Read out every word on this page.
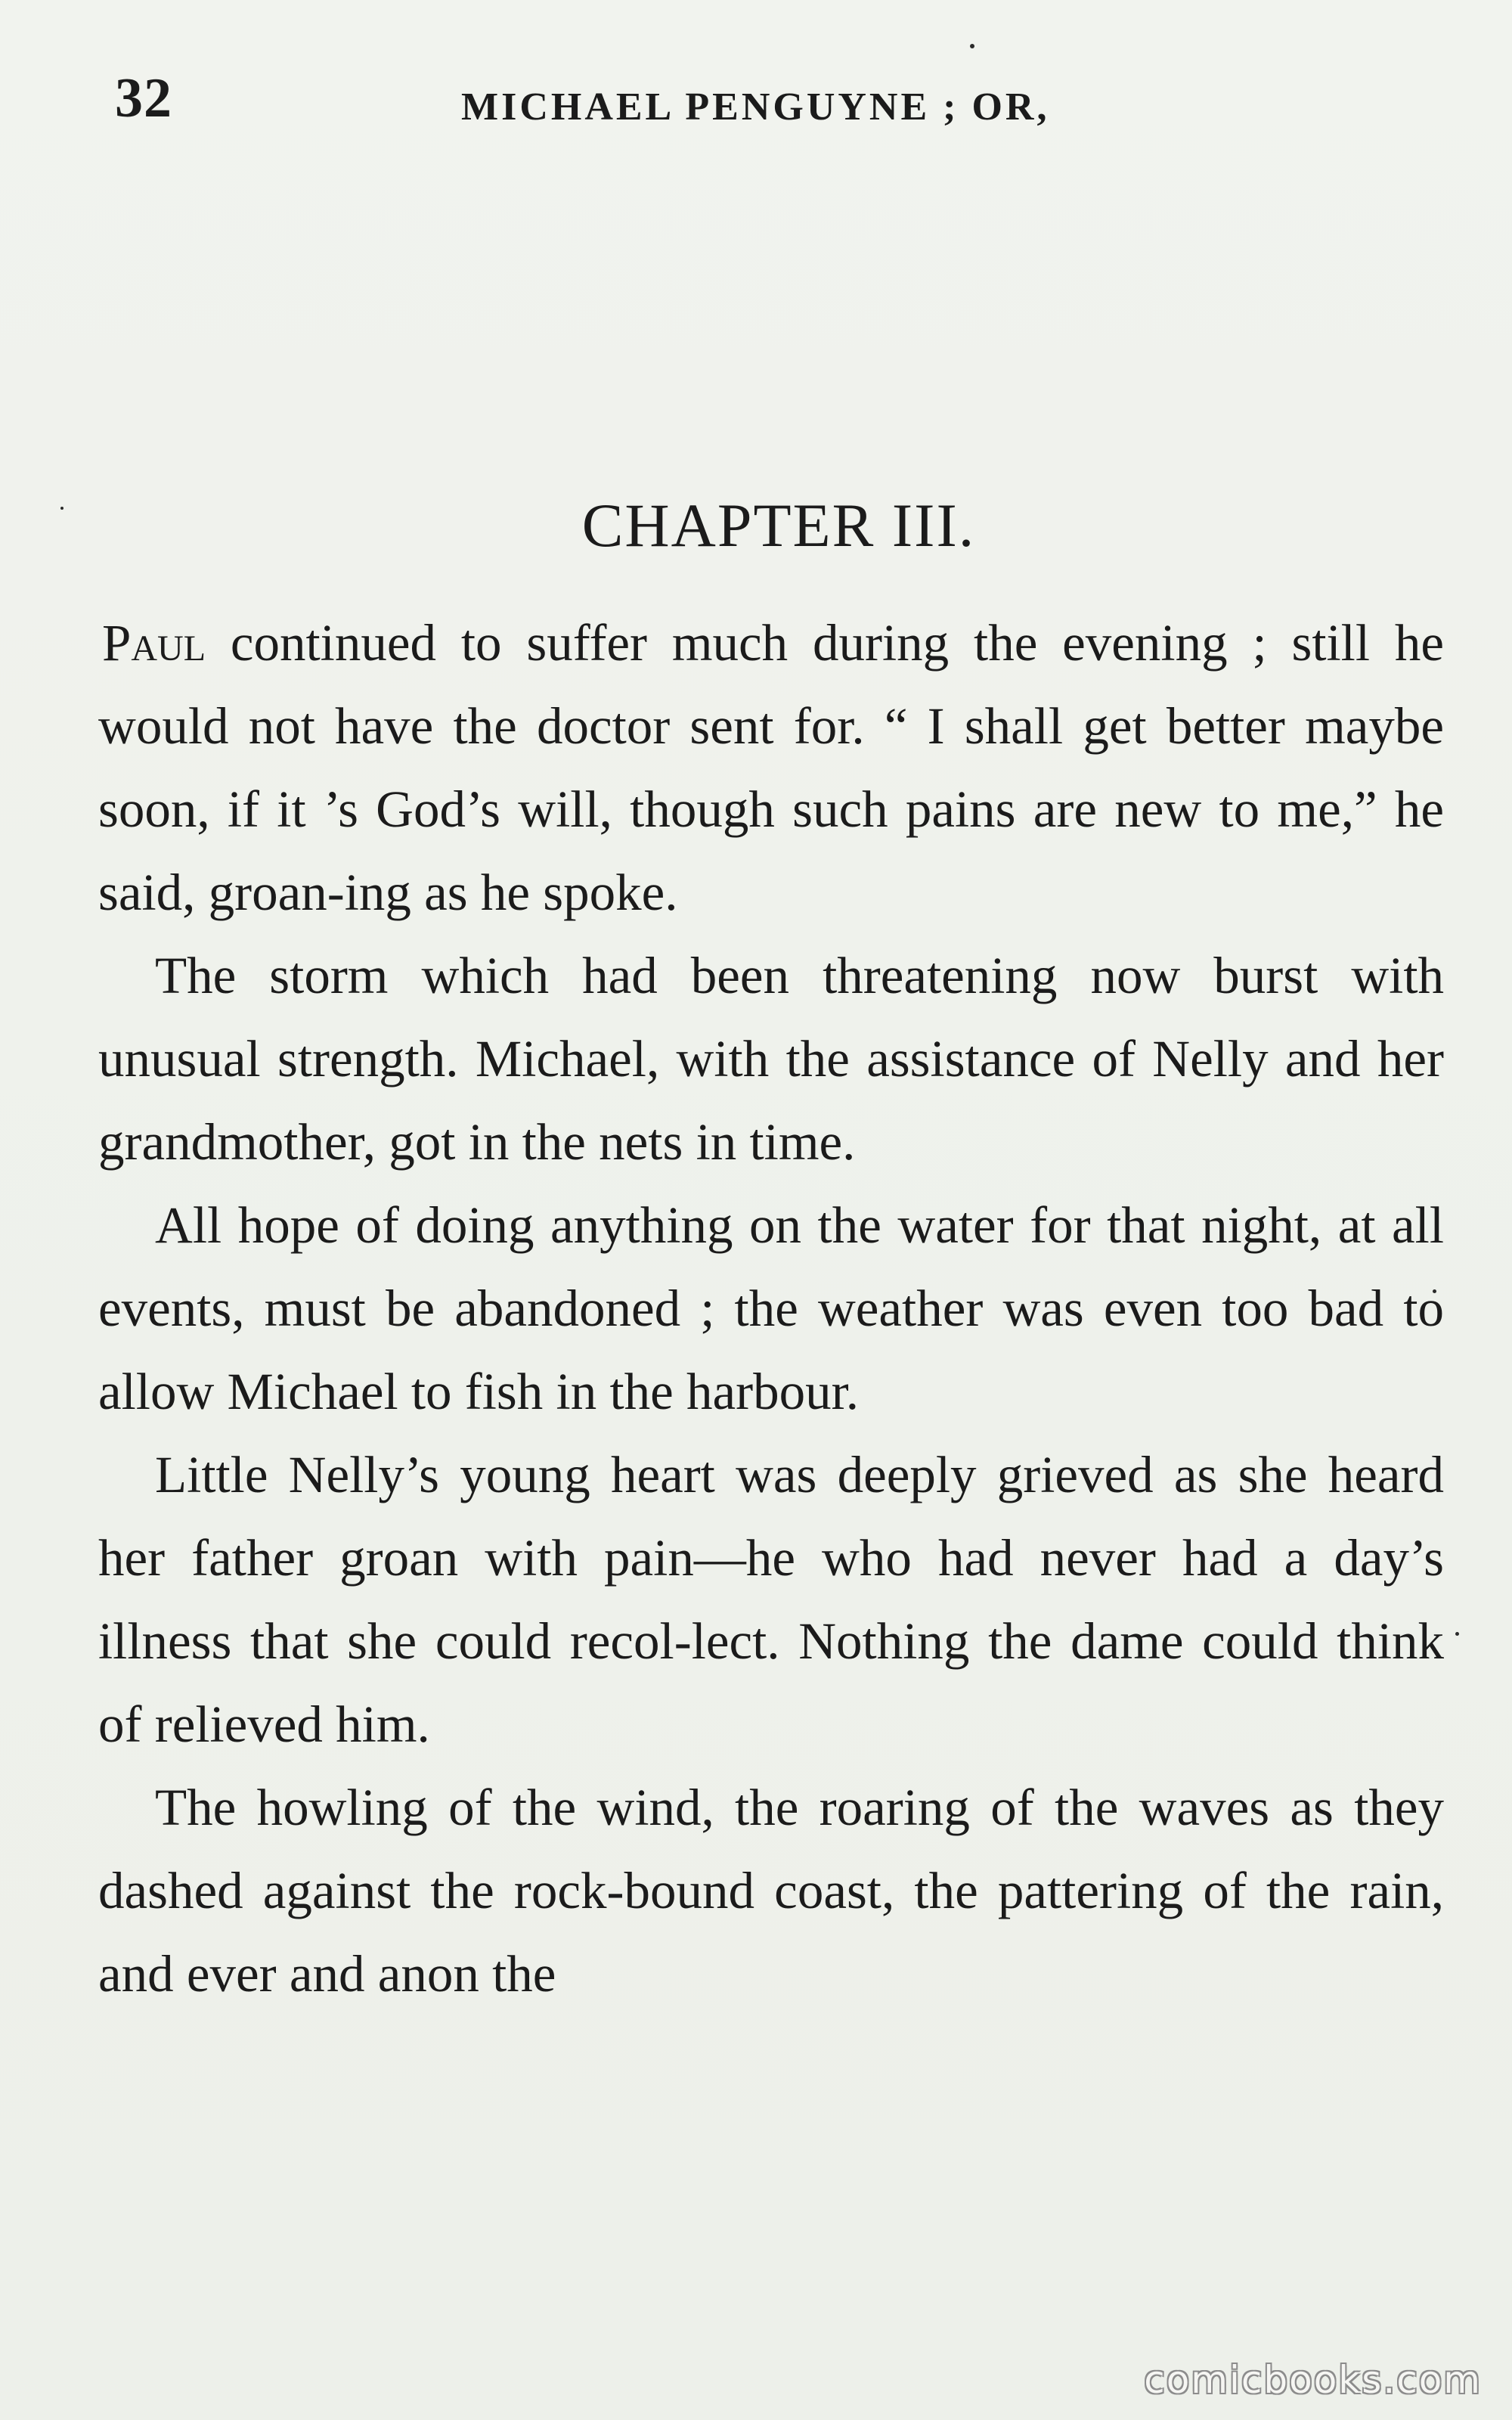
32	MICHAEL PENGUYNE ; OR,
CHAPTER III.

Paul continued to suffer much during the evening ; still he would not have the doctor sent for. “ I shall get better maybe soon, if it ’s God’s will, though such pains are new to me,” he said, groan-ing as he spoke.

The storm which had been threatening now burst with unusual strength. Michael, with the assistance of Nelly and her grandmother, got in the nets in time.

All hope of doing anything on the water for that night, at all events, must be abandoned ; the weather was even too bad to allow Michael to fish in the harbour.

Little Nelly’s young heart was deeply grieved as she heard her father groan with pain—he who had never had a day’s illness that she could recol-lect. Nothing the dame could think of relieved him.

The howling of the wind, the roaring of the waves as they dashed against the rock-bound coast, the pattering of the rain, and ever and anon the

comicbooks.com
